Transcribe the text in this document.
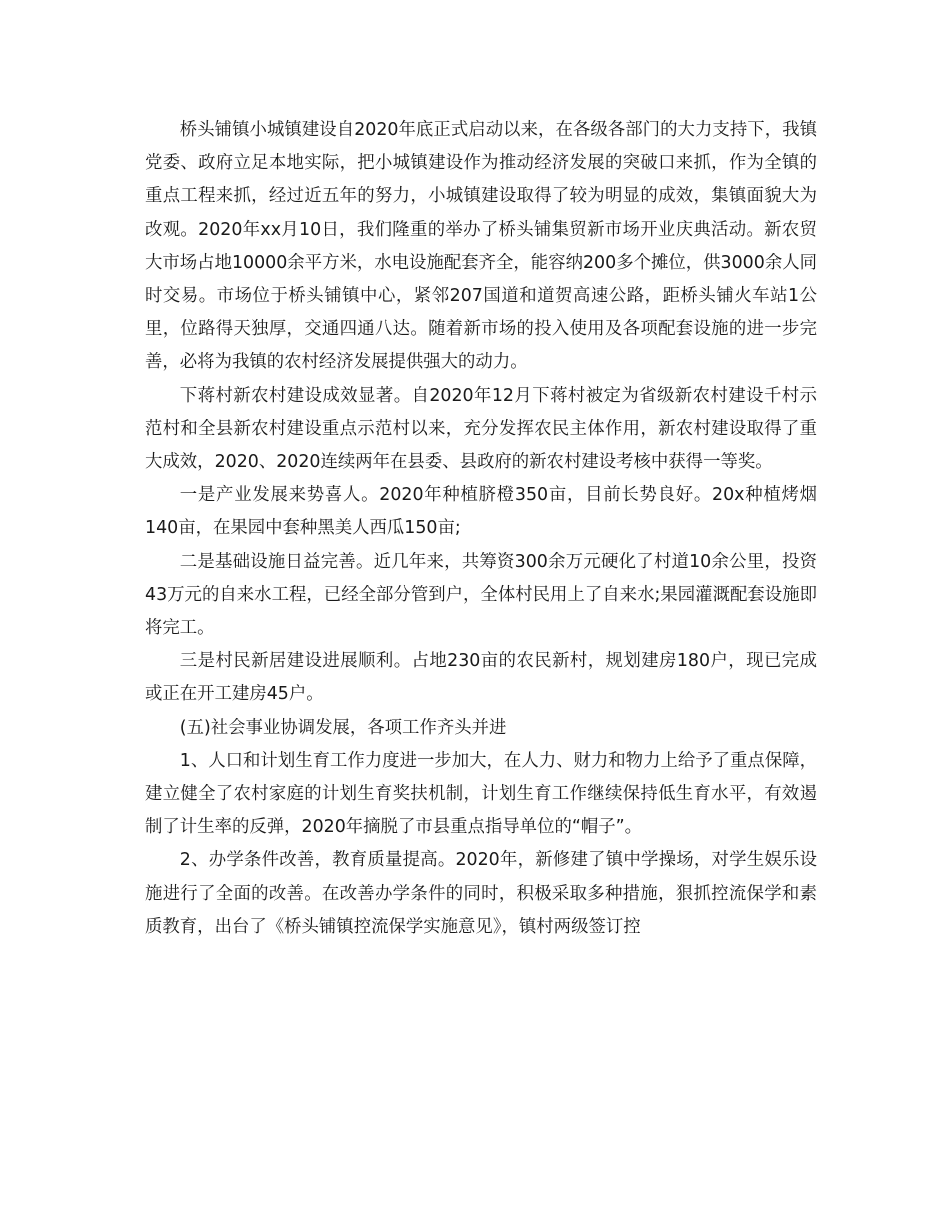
桥头铺镇小城镇建设自2020年底正式启动以来，在各级各部门的大力支持下，我镇党委、政府立足本地实际，把小城镇建设作为推动经济发展的突破口来抓，作为全镇的重点工程来抓，经过近五年的努力，小城镇建设取得了较为明显的成效，集镇面貌大为改观。2020年xx月10日，我们隆重的举办了桥头铺集贸新市场开业庆典活动。新农贸大市场占地10000余平方米，水电设施配套齐全，能容纳200多个摊位，供3000余人同时交易。市场位于桥头铺镇中心，紧邻207国道和道贺高速公路，距桥头铺火车站1公里，位路得天独厚，交通四通八达。随着新市场的投入使用及各项配套设施的进一步完善，必将为我镇的农村经济发展提供强大的动力。

下蒋村新农村建设成效显著。自2020年12月下蒋村被定为省级新农村建设千村示范村和全县新农村建设重点示范村以来，充分发挥农民主体作用，新农村建设取得了重大成效，2020、2020连续两年在县委、县政府的新农村建设考核中获得一等奖。

一是产业发展来势喜人。2020年种植脐橙350亩，目前长势良好。20x种植烤烟140亩，在果园中套种黑美人西瓜150亩;

二是基础设施日益完善。近几年来，共筹资300余万元硬化了村道10余公里，投资43万元的自来水工程，已经全部分管到户，全体村民用上了自来水;果园灌溉配套设施即将完工。

三是村民新居建设进展顺利。占地230亩的农民新村，规划建房180户，现已完成或正在开工建房45户。

(五)社会事业协调发展，各项工作齐头并进

1、人口和计划生育工作力度进一步加大，在人力、财力和物力上给予了重点保障，建立健全了农村家庭的计划生育奖扶机制，计划生育工作继续保持低生育水平，有效遏制了计生率的反弹，2020年摘脱了市县重点指导单位的“帽子”。

2、办学条件改善，教育质量提高。2020年，新修建了镇中学操场，对学生娱乐设施进行了全面的改善。在改善办学条件的同时，积极采取多种措施，狠抓控流保学和素质教育，出台了《桥头铺镇控流保学实施意见》，镇村两级签订控
